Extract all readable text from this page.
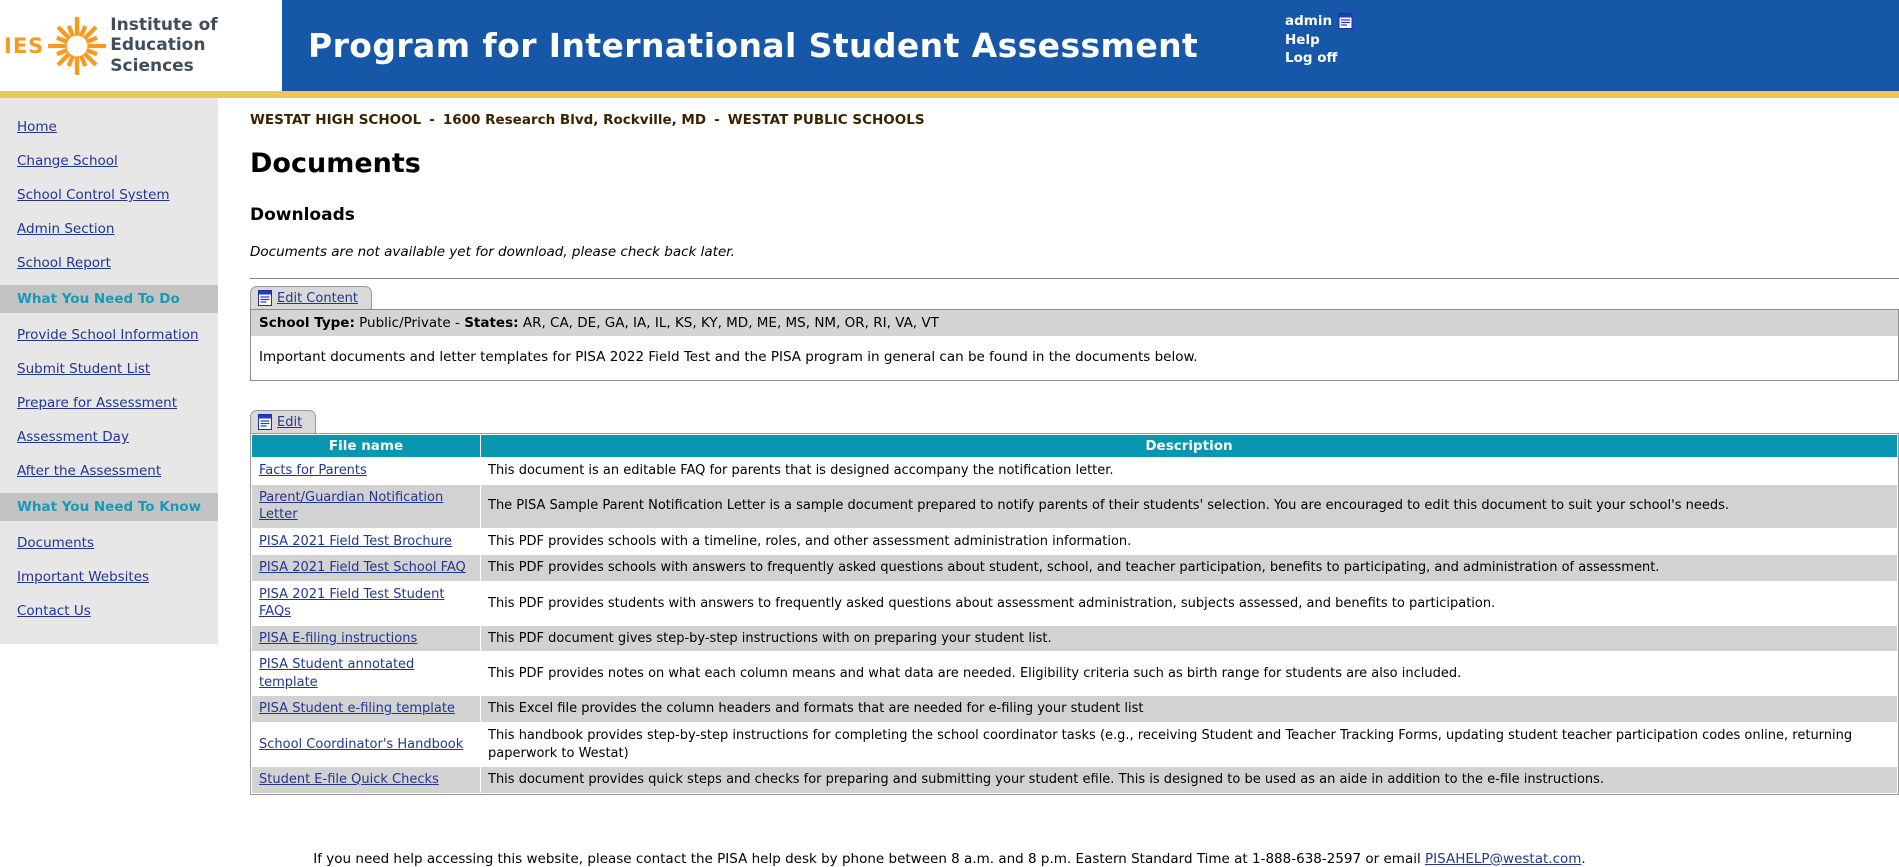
IES
Institute of
Education Sciences
Program for International Student Assessment
admin
Help
Log off
Home
Change School
School Control System
Admin Section
School Report
What You Need To Do
Provide School Information
Submit Student List
Prepare for Assessment
Assessment Day
After the Assessment
What You Need To Know
Documents
Important Websites
Contact Us
WESTAT HIGH SCHOOL - 1600 Research Blvd, Rockville, MD - WESTAT PUBLIC SCHOOLS
Documents
Downloads
Documents are not available yet for download, please check back later.
Edit Content
School Type: Public/Private - States: AR, CA, DE, GA, IA, IL, KS, KY, MD, ME, MS, NM, OR, RI, VA, VT
Important documents and letter templates for PISA 2022 Field Test and the PISA program in general can be found in the documents below.
Edit
File name	Description
Facts for Parents	This document is an editable FAQ for parents that is designed accompany the notification letter.
Parent/Guardian Notification Letter	The PISA Sample Parent Notification Letter is a sample document prepared to notify parents of their students' selection. You are encouraged to edit this document to suit your school's needs.
PISA 2021 Field Test Brochure	This PDF provides schools with a timeline, roles, and other assessment administration information.
PISA 2021 Field Test School FAQ	This PDF provides schools with answers to frequently asked questions about student, school, and teacher participation, benefits to participating, and administration of assessment.
PISA 2021 Field Test Student FAQs	This PDF provides students with answers to frequently asked questions about assessment administration, subjects assessed, and benefits to participation.
PISA E-filing instructions	This PDF document gives step-by-step instructions with on preparing your student list.
PISA Student annotated template	This PDF provides notes on what each column means and what data are needed. Eligibility criteria such as birth range for students are also included.
PISA Student e-filing template	This Excel file provides the column headers and formats that are needed for e-filing your student list
School Coordinator's Handbook	This handbook provides step-by-step instructions for completing the school coordinator tasks (e.g., receiving Student and Teacher Tracking Forms, updating student teacher participation codes online, returning paperwork to Westat)
Student E-file Quick Checks	This document provides quick steps and checks for preparing and submitting your student efile. This is designed to be used as an aide in addition to the e-file instructions.
If you need help accessing this website, please contact the PISA help desk by phone between 8 a.m. and 8 p.m. Eastern Standard Time at 1-888-638-2597 or email PISAHELP@westat.com.
